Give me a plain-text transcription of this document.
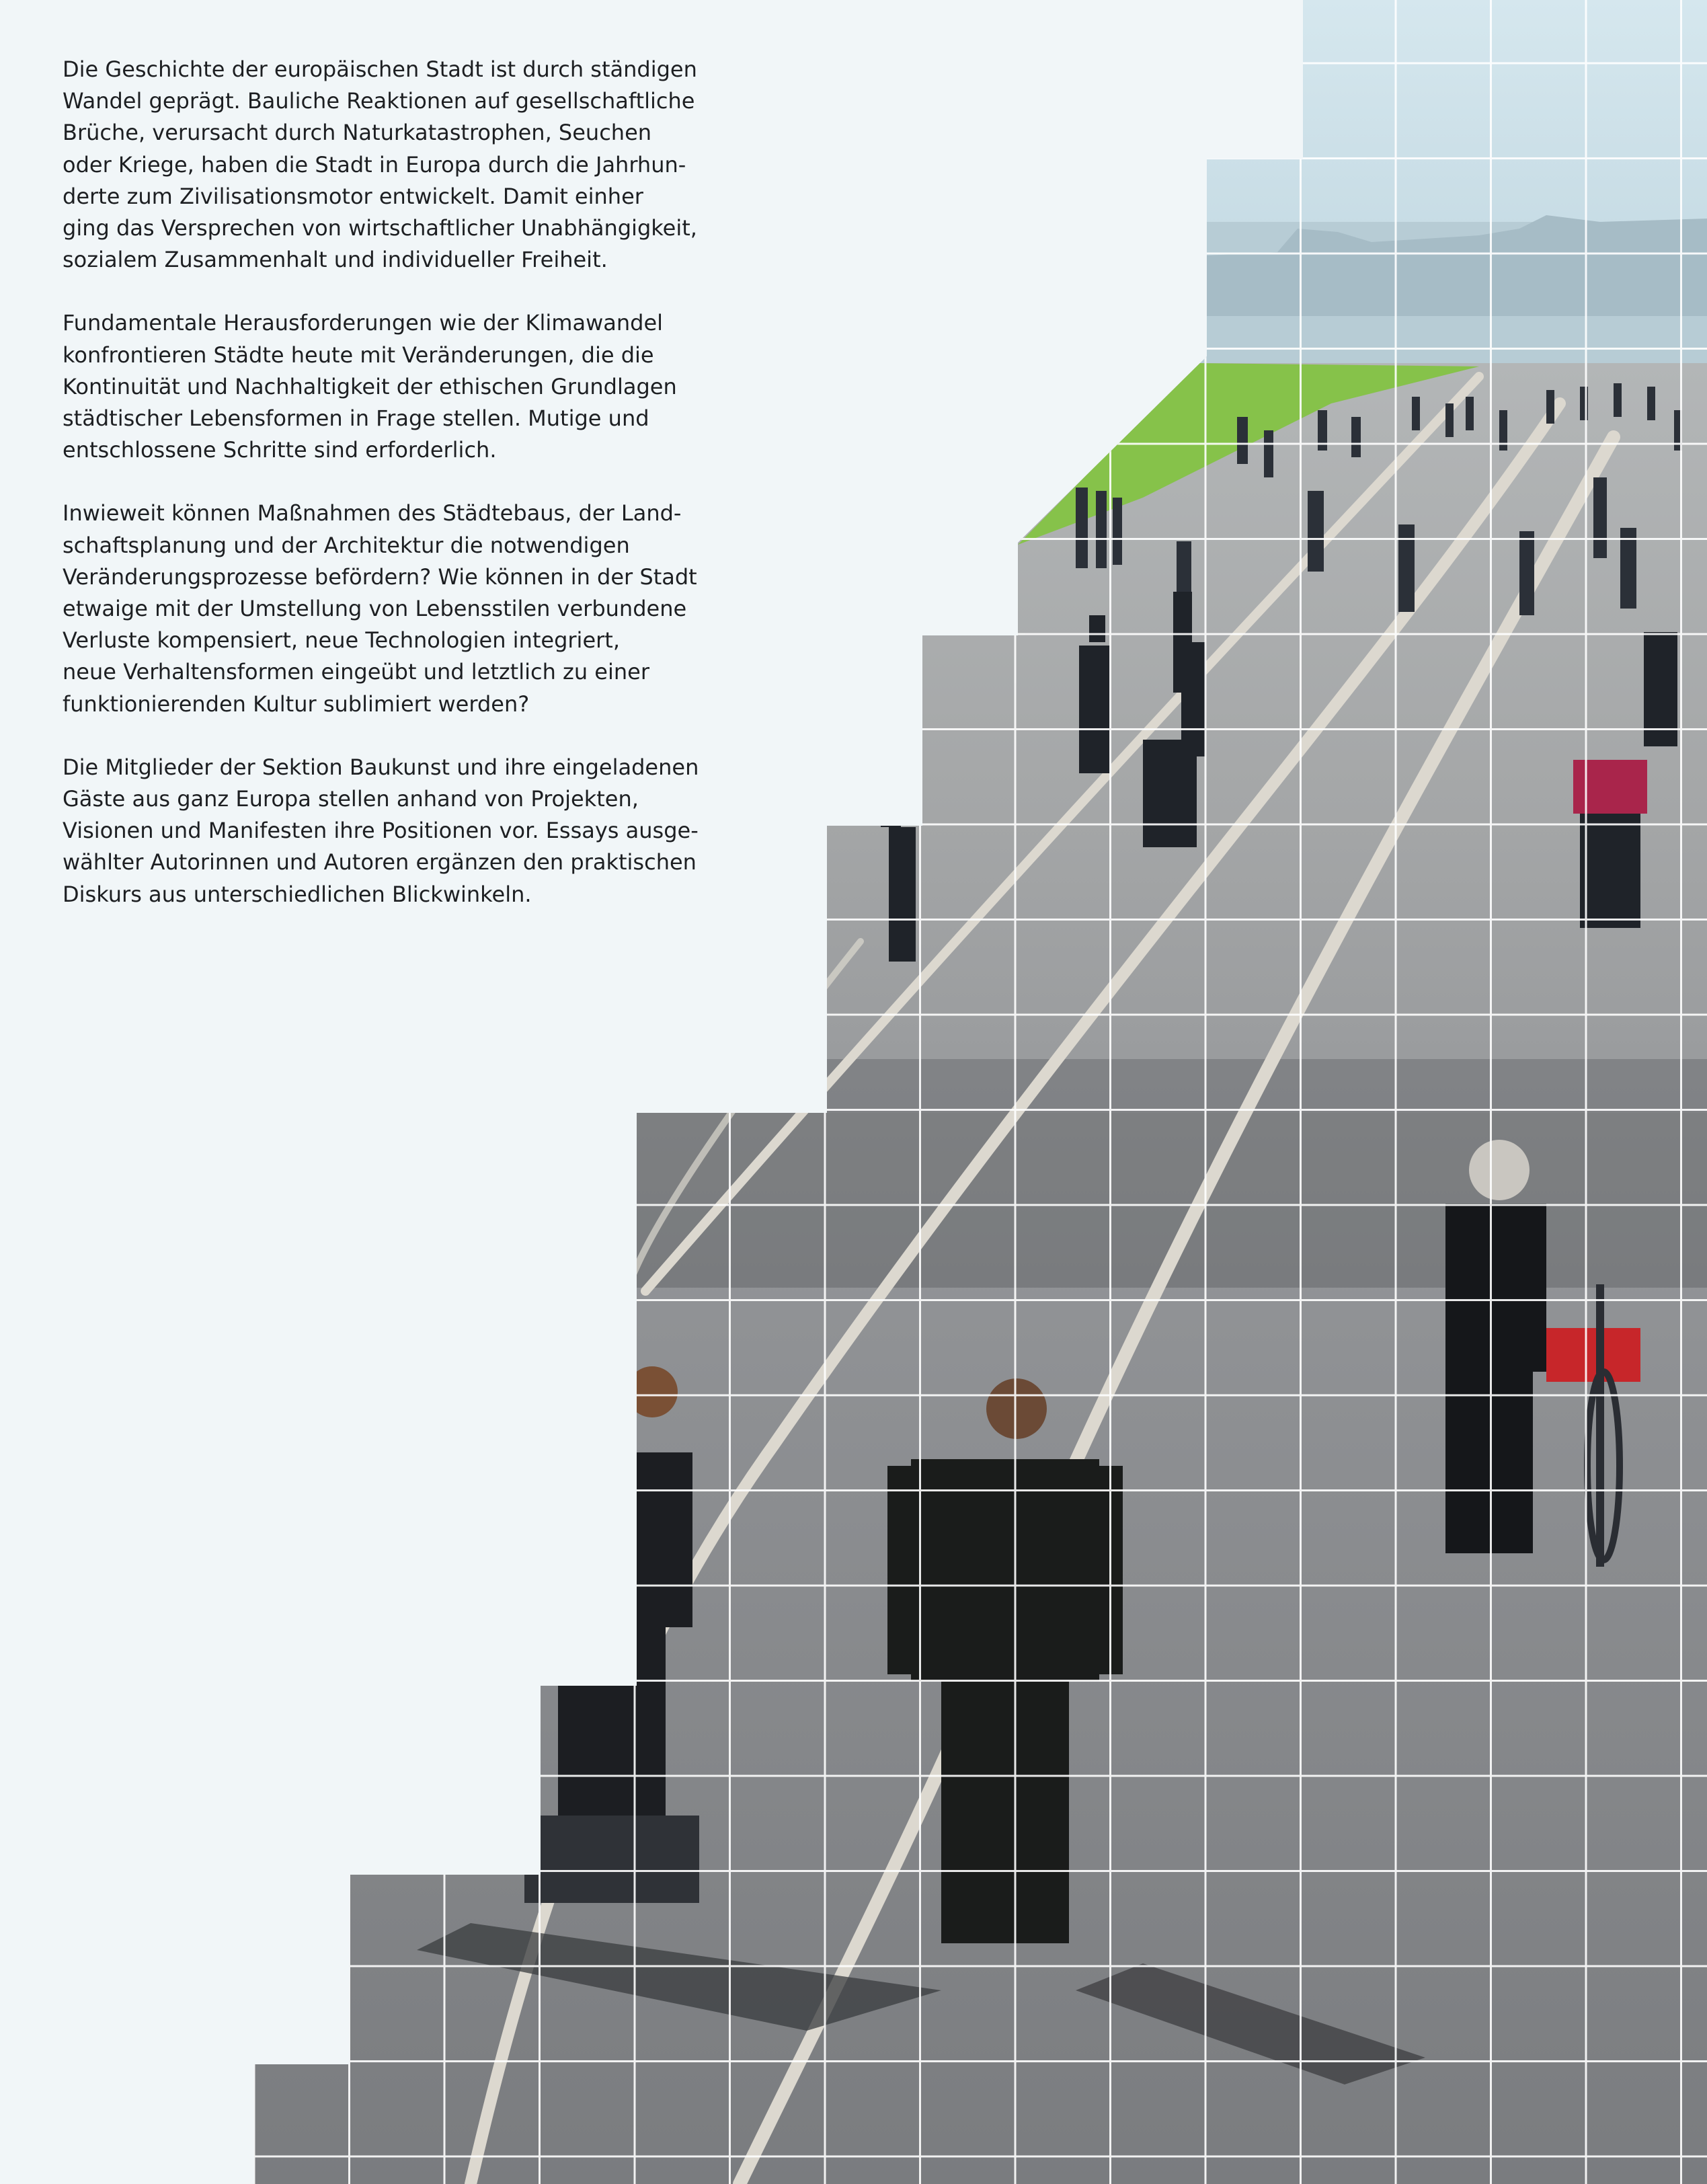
Die Geschichte der europäischen Stadt ist durch ständigen
Wandel geprägt. Bauliche Reaktionen auf gesellschaftliche
Brüche, verursacht durch Naturkatastrophen, Seuchen
oder Kriege, haben die Stadt in Europa durch die Jahrhun-
derte zum Zivilisationsmotor entwickelt. Damit einher
ging das Versprechen von wirtschaftlicher Unabhängigkeit,
sozialem Zusammenhalt und individueller Freiheit.

Fundamentale Herausforderungen wie der Klimawandel
konfrontieren Städte heute mit Veränderungen, die die
Kontinuität und Nachhaltigkeit der ethischen Grundlagen
städtischer Lebensformen in Frage stellen. Mutige und
entschlossene Schritte sind erforderlich.

Inwieweit können Maßnahmen des Städtebaus, der Land-
schaftsplanung und der Architektur die notwendigen
Veränderungsprozesse befördern? Wie können in der Stadt
etwaige mit der Umstellung von Lebensstilen verbundene
Verluste kompensiert, neue Technologien integriert,
neue Verhaltensformen eingeübt und letztlich zu einer
funktionierenden Kultur sublimiert werden?

Die Mitglieder der Sektion Baukunst und ihre eingeladenen
Gäste aus ganz Europa stellen anhand von Projekten,
Visionen und Manifesten ihre Positionen vor. Essays ausge-
wählter Autorinnen und Autoren ergänzen den praktischen
Diskurs aus unterschiedlichen Blickwinkeln.
